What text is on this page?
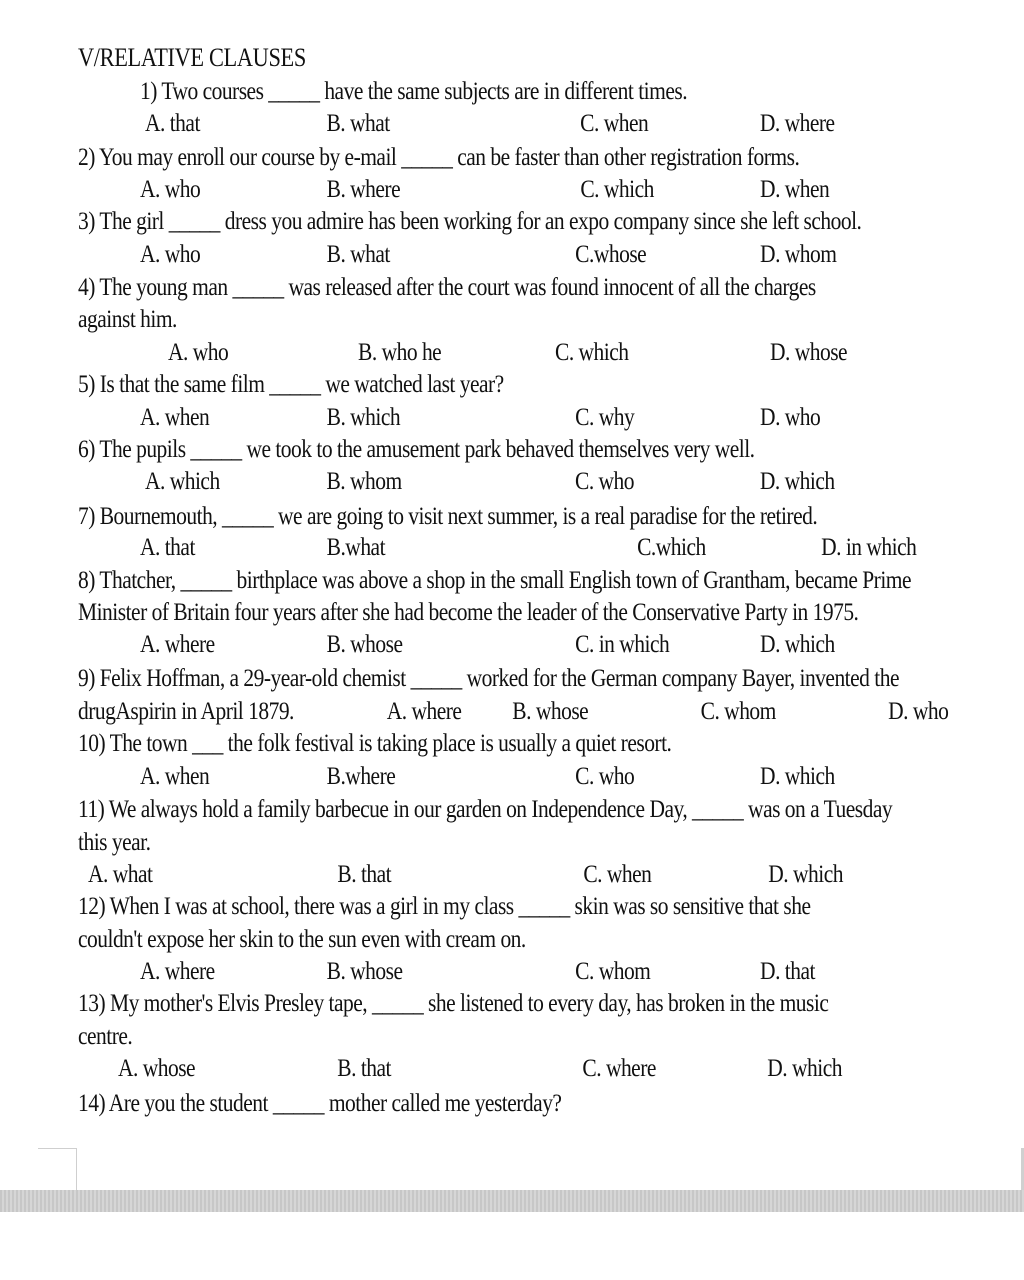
V/RELATIVE CLAUSES
1) Two courses _____ have the same subjects are in different times.
A. that	B. what	C. when	D. where
2) You may enroll our course by e-mail _____ can be faster than other registration forms.
A. who	B. where	C. which	D. when
3) The girl _____ dress you admire has been working for an expo company since she left school.
A. who	B. what	C.whose	D. whom
4) The young man _____ was released after the court was found innocent of all the charges
against him.
A. who	B. who he	C. which	D. whose
5) Is that the same film _____ we watched last year?
A. when	B. which	C. why	D. who
6) The pupils _____ we took to the amusement park behaved themselves very well.
A. which	B. whom	C. who	D. which
7) Bournemouth, _____ we are going to visit next summer, is a real paradise for the retired.
A. that	B.what	C.which	D. in which
8) Thatcher, _____ birthplace was above a shop in the small English town of Grantham, became Prime
Minister of Britain four years after she had become the leader of the Conservative Party in 1975.
A. where	B. whose	C. in which	D. which
9) Felix Hoffman, a 29-year-old chemist _____ worked for the German company Bayer, invented the
drugAspirin in April 1879.	A. where B. whose	C. whom	D. who
10) The town ___ the folk festival is taking place is usually a quiet resort.
A. when	B.where	C. who	D. which
11) We always hold a family barbecue in our garden on Independence Day, _____ was on a Tuesday
this year.
A. what	B. that	C. when	D. which
12) When I was at school, there was a girl in my class _____ skin was so sensitive that she
couldn't expose her skin to the sun even with cream on.
A. where	B. whose	C. whom	D. that
13) My mother's Elvis Presley tape, _____ she listened to every day, has broken in the music
centre.
A. whose	B. that	C. where	D. which
14) Are you the student _____ mother called me yesterday?
